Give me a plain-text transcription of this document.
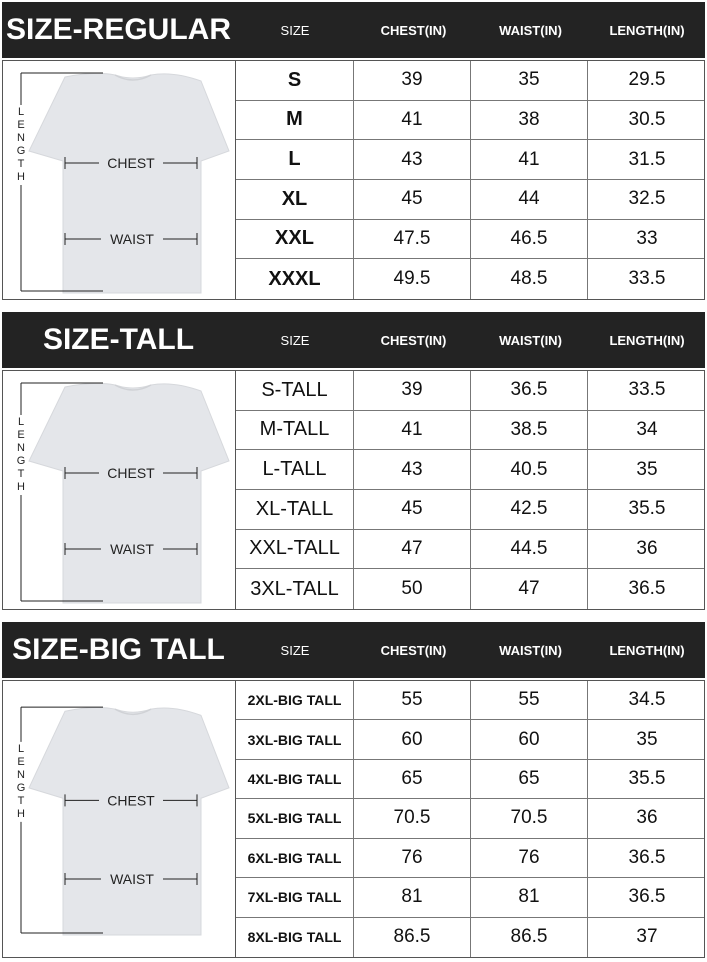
SIZE-REGULAR	SIZE	CHEST(IN)	WAIST(IN)	LENGTH(IN)
L
E
N
G
T
H
CHEST
WAIST
S	39	35	29.5
M	41	38	30.5
L	43	41	31.5
XL	45	44	32.5
XXL	47.5	46.5	33
XXXL	49.5	48.5	33.5
SIZE-TALL	SIZE	CHEST(IN)	WAIST(IN)	LENGTH(IN)
L
E
N
G
T
H
CHEST
WAIST
S-TALL	39	36.5	33.5
M-TALL	41	38.5	34
L-TALL	43	40.5	35
XL-TALL	45	42.5	35.5
XXL-TALL	47	44.5	36
3XL-TALL	50	47	36.5
SIZE-BIG TALL	SIZE	CHEST(IN)	WAIST(IN)	LENGTH(IN)
L
E
N
G
T
H
CHEST
WAIST
2XL-BIG TALL	55	55	34.5
3XL-BIG TALL	60	60	35
4XL-BIG TALL	65	65	35.5
5XL-BIG TALL	70.5	70.5	36
6XL-BIG TALL	76	76	36.5
7XL-BIG TALL	81	81	36.5
8XL-BIG TALL	86.5	86.5	37
